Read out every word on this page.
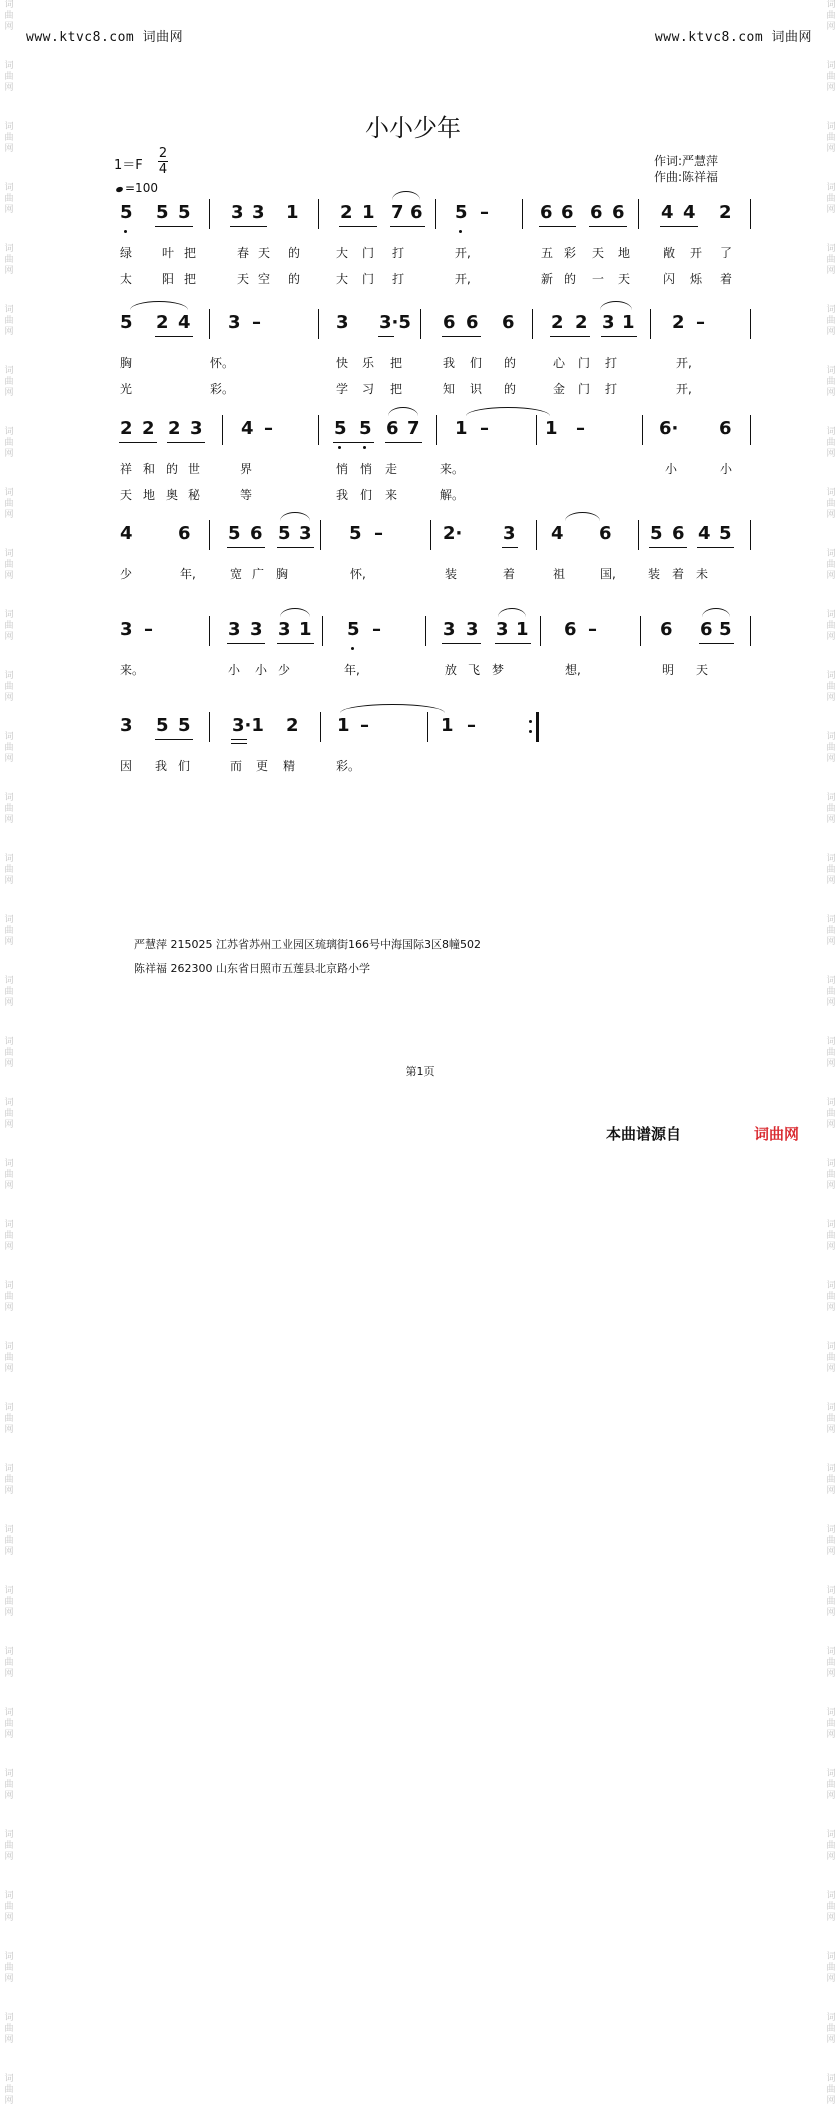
词
曲
网
词
曲
网
词
曲
网
词
曲
网
词
曲
网
词
曲
网
词
曲
网
词
曲
网
词
曲
网
词
曲
网
词
曲
网
词
曲
网
词
曲
网
词
曲
网
词
曲
网
词
曲
网
词
曲
网
词
曲
网
词
曲
网
词
曲
网
词
曲
网
词
曲
网
词
曲
网
词
曲
网
词
曲
网
词
曲
网
词
曲
网
词
曲
网
词
曲
网
词
曲
网
词
曲
网
词
曲
网
词
曲
网
词
曲
网
词
曲
网
词
曲
网
词
曲
网
词
曲
网
词
曲
网
词
曲
网
词
曲
网
词
曲
网
词
曲
网
词
曲
网
词
曲
网
词
曲
网
词
曲
网
词
曲
网
词
曲
网
词
曲
网
词
曲
网
词
曲
网
词
曲
网
词
曲
网
词
曲
网
词
曲
网
词
曲
网
词
曲
网
词
曲
网
词
曲
网
词
曲
网
词
曲
网
词
曲
网
词
曲
网
词
曲
网
词
曲
网
词
曲
网
词
曲
网
词
曲
网
词
曲
网
www.ktvc8.com 词曲网	www.ktvc8.com 词曲网
小小少年
1＝F
2
4
=100
作词:严慧萍
作曲:陈祥福
5 5 5 3 3 1 2 1 7 6 5 –	6 6 6 6 4 4 2
绿 叶 把	春 天 的	大 门 打	开,	五 彩 天 地	敞 开 了
太 阳 把	天 空 的	大 门 打	开,	新 的 一 天	闪 烁 着
5 2 4 3 –	3 3·5 6 6 6 2 2 3 1 2 –
胸	怀。	快 乐 把	我 们 的	心 门 打	开,
光	彩。	学 习 把	知 识 的	金 门 打	开,
2 2 2 3 4 –	5 5 6 7 1 –	1 –	6· 6
祥 和 的 世	界	悄 悄 走	来。	小	小
天 地 奥 秘	等	我 们 来	解。
4	6 5 6 5 3 5 –	2· 3 4 6 5 6 4 5
少	年,	宽 广 胸	怀,	装	着	祖	国,	装 着 未
3 –	3 3 3 1 5 –	3 3 3 1 6 –	6 6 5
来。	小 小 少	年,	放 飞 梦	想,	明 天
3 5 5 3·1 2 1 –	1 –
因 我 们	而 更 精	彩。
严慧萍 215025 江苏省苏州工业园区琉璃街166号中海国际3区8幢502
陈祥福 262300 山东省日照市五莲县北京路小学
第1页
本曲谱源自	词曲网
